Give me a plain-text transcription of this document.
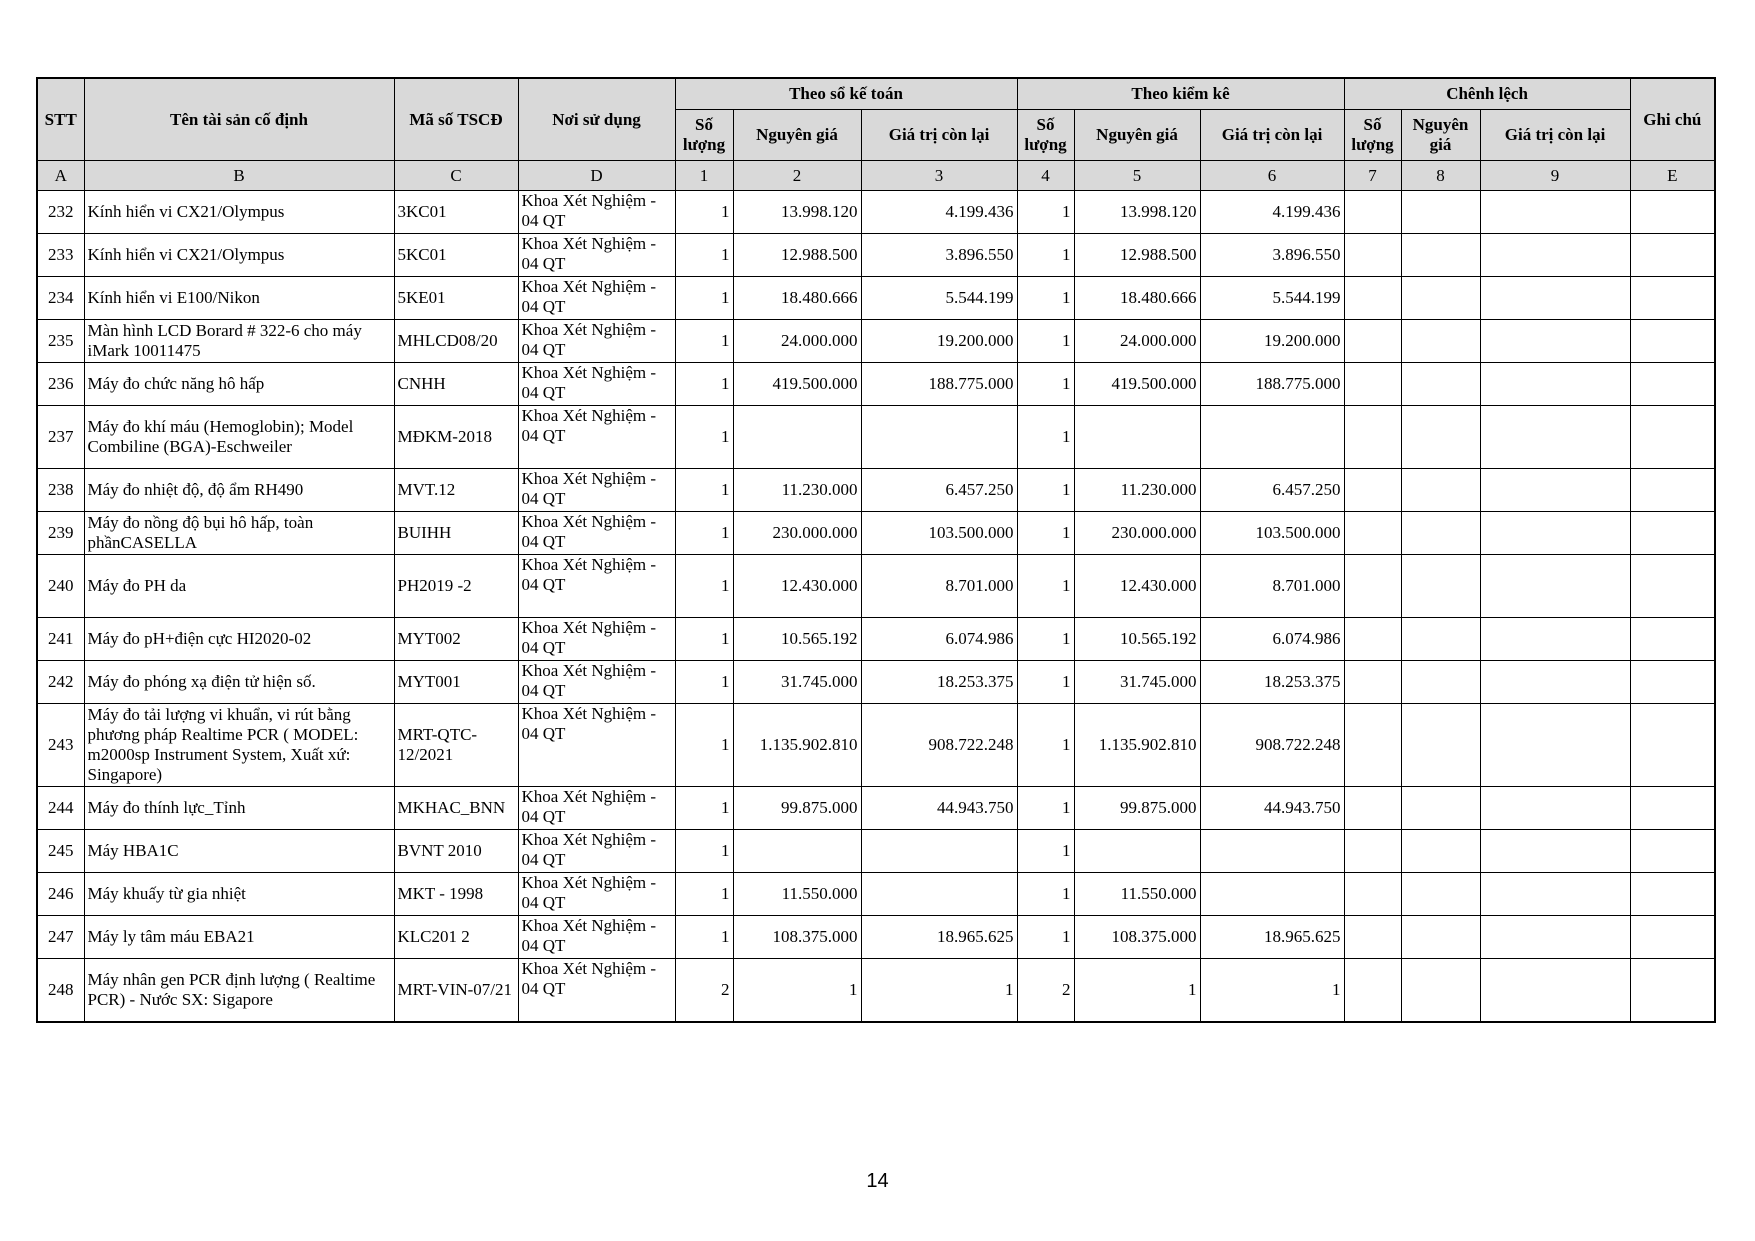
STT	Tên tài sản cố định	Mã số TSCĐ	Nơi sử dụng	Theo sổ kế toán			Theo kiểm kê			Chênh lệch			Ghi chú
				Số lượng	Nguyên giá	Giá trị còn lại	Số lượng	Nguyên giá	Giá trị còn lại	Số lượng	Nguyên giá	Giá trị còn lại	
A	B	C	D	1	2	3	4	5	6	7	8	9	E
232	Kính hiển vi CX21/Olympus	3KC01	Khoa Xét Nghiệm - 04 QT	1	13.998.120	4.199.436	1	13.998.120	4.199.436				

233	Kính hiển vi CX21/Olympus	5KC01	Khoa Xét Nghiệm - 04 QT	1	12.988.500	3.896.550	1	12.988.500	3.896.550				

234	Kính hiển vi E100/Nikon	5KE01	Khoa Xét Nghiệm - 04 QT	1	18.480.666	5.544.199	1	18.480.666	5.544.199				

235	Màn hình LCD Borard # 322-6 cho máy iMark 10011475	MHLCD08/20	Khoa Xét Nghiệm - 04 QT	1	24.000.000	19.200.000	1	24.000.000	19.200.000				

236	Máy đo chức năng hô hấp	CNHH	Khoa Xét Nghiệm - 04 QT	1	419.500.000	188.775.000	1	419.500.000	188.775.000				

237	Máy đo khí máu (Hemoglobin); Model Combiline (BGA)-Eschweiler	MĐKM-2018	Khoa Xét Nghiệm - 04 QT	1			1						

238	Máy đo nhiệt độ, độ ẩm RH490	MVT.12	Khoa Xét Nghiệm - 04 QT	1	11.230.000	6.457.250	1	11.230.000	6.457.250				

239	Máy đo nồng độ bụi hô hấp, toàn phầnCASELLA	BUIHH	Khoa Xét Nghiệm - 04 QT	1	230.000.000	103.500.000	1	230.000.000	103.500.000				

240	Máy đo PH da	PH2019 -2	Khoa Xét Nghiệm - 04 QT	1	12.430.000	8.701.000	1	12.430.000	8.701.000				

241	Máy đo pH+điện cực HI2020-02	MYT002	Khoa Xét Nghiệm - 04 QT	1	10.565.192	6.074.986	1	10.565.192	6.074.986				

242	Máy đo phóng xạ điện tử hiện số.	MYT001	Khoa Xét Nghiệm - 04 QT	1	31.745.000	18.253.375	1	31.745.000	18.253.375				

243	Máy đo tải lượng vi khuẩn, vi rút bằng phương pháp Realtime PCR ( MODEL: m2000sp Instrument System, Xuất xứ: Singapore)	MRT-QTC-12/2021	Khoa Xét Nghiệm - 04 QT	1	1.135.902.810	908.722.248	1	1.135.902.810	908.722.248				

244	Máy đo thính lực_Tỉnh	MKHAC_BNN	Khoa Xét Nghiệm - 04 QT	1	99.875.000	44.943.750	1	99.875.000	44.943.750				

245	Máy HBA1C	BVNT 2010	Khoa Xét Nghiệm - 04 QT	1			1						

246	Máy khuấy từ gia nhiệt	MKT - 1998	Khoa Xét Nghiệm - 04 QT	1	11.550.000		1	11.550.000					

247	Máy ly tâm máu EBA21	KLC201 2	Khoa Xét Nghiệm - 04 QT	1	108.375.000	18.965.625	1	108.375.000	18.965.625				

248	Máy nhân gen PCR định lượng ( Realtime PCR) - Nước SX: Sigapore	MRT-VIN-07/21	Khoa Xét Nghiệm - 04 QT	2	1	1	2	1	1				
14
